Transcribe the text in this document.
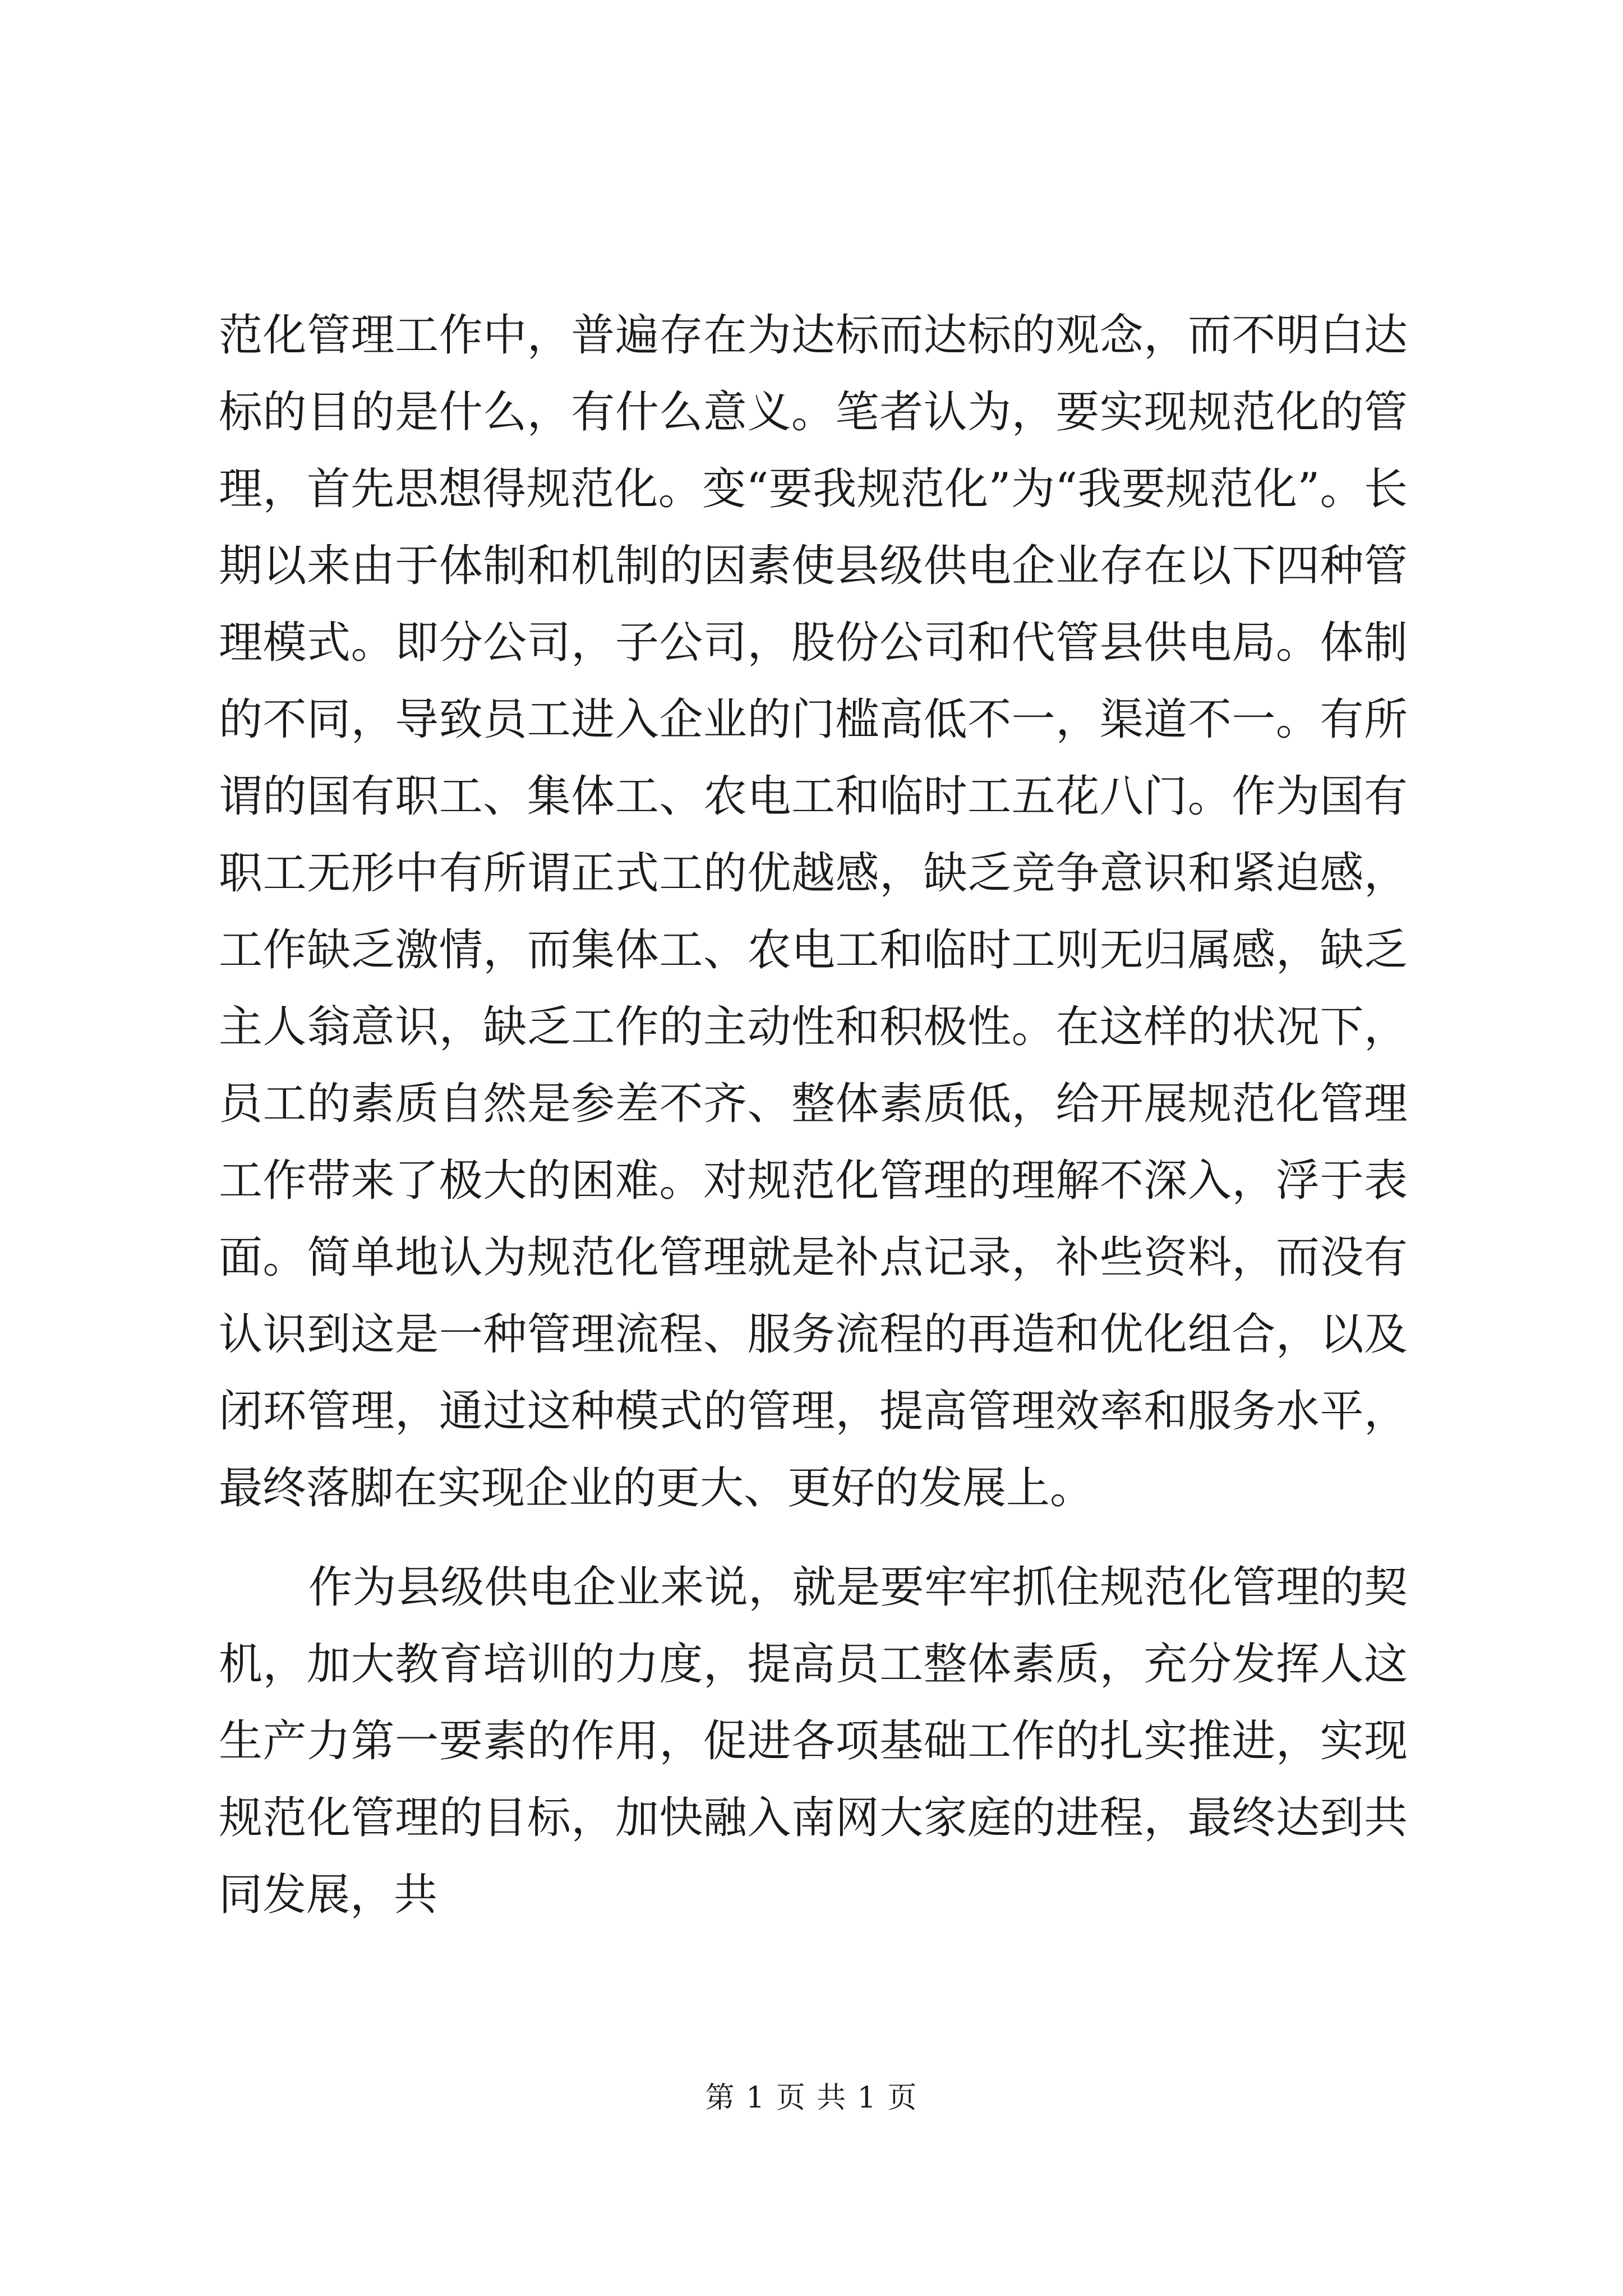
范化管理工作中，普遍存在为达标而达标的观念，而不明白达标的目的是什么，有什么意义。笔者认为，要实现规范化的管理，首先思想得规范化。变“要我规范化”为“我要规范化”。长期以来由于体制和机制的因素使县级供电企业存在以下四种管理模式。即分公司，子公司，股份公司和代管县供电局。体制的不同，导致员工进入企业的门槛高低不一，渠道不一。有所谓的国有职工、集体工、农电工和临时工五花八门。作为国有职工无形中有所谓正式工的优越感，缺乏竞争意识和紧迫感，工作缺乏激情，而集体工、农电工和临时工则无归属感，缺乏主人翁意识，缺乏工作的主动性和积极性。在这样的状况下，员工的素质自然是参差不齐、整体素质低，给开展规范化管理工作带来了极大的困难。对规范化管理的理解不深入，浮于表面。简单地认为规范化管理就是补点记录，补些资料，而没有认识到这是一种管理流程、服务流程的再造和优化组合，以及闭环管理，通过这种模式的管理，提高管理效率和服务水平，最终落脚在实现企业的更大、更好的发展上。

作为县级供电企业来说，就是要牢牢抓住规范化管理的契机，加大教育培训的力度，提高员工整体素质，充分发挥人这生产力第一要素的作用，促进各项基础工作的扎实推进，实现规范化管理的目标，加快融入南网大家庭的进程，最终达到共同发展，共

第 1 页 共 1 页
